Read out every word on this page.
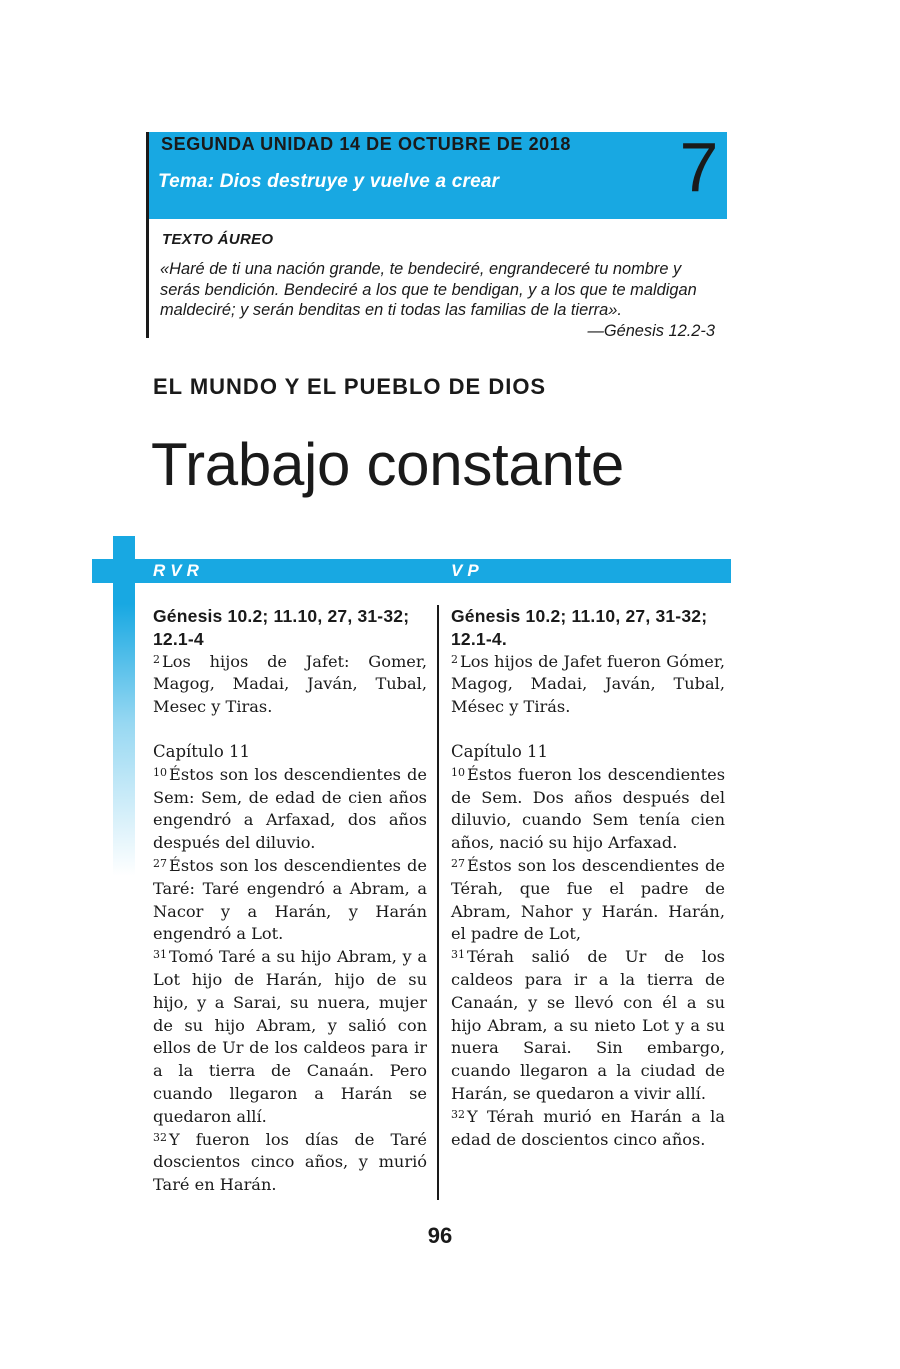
SEGUNDA UNIDAD 14 DE OCTUBRE DE 2018
Tema: Dios destruye y vuelve a crear	7
TEXTO ÁUREO
«Haré de ti una nación grande, te bendeciré, engrandeceré tu nombre y serás bendición. Bendeciré a los que te bendigan, y a los que te maldigan maldeciré; y serán benditas en ti todas las familias de la tierra».
—Génesis 12.2-3
EL MUNDO Y EL PUEBLO DE DIOS
Trabajo constante
RVR	VP
Génesis 10.2; 11.10, 27, 31-32; 12.1-4
$^2$ Los hijos de Jafet: Gomer, Magog, Madai, Javán, Tubal, Mesec y Tiras.
Capítulo 11
$^{10}$ Éstos son los descendientes de Sem: Sem, de edad de cien años engendró a Arfaxad, dos años después del diluvio.
$^{27}$ Éstos son los descendientes de Taré: Taré engendró a Abram, a Nacor y a Harán, y Harán engendró a Lot.
$^{31}$ Tomó Taré a su hijo Abram, y a Lot hijo de Harán, hijo de su hijo, y a Sarai, su nuera, mujer de su hijo Abram, y salió con ellos de Ur de los caldeos para ir a la tierra de Canaán. Pero cuando llegaron a Harán se quedaron allí.
$^{32}$ Y fueron los días de Taré doscientos cinco años, y murió Taré en Harán.
Génesis 10.2; 11.10, 27, 31-32; 12.1-4.
$^2$ Los hijos de Jafet fueron Gómer, Magog, Madai, Javán, Tubal, Mésec y Tirás.
Capítulo 11
$^{10}$ Éstos fueron los descendientes de Sem. Dos años después del diluvio, cuando Sem tenía cien años, nació su hijo Arfaxad.
$^{27}$ Éstos son los descendientes de Térah, que fue el padre de Abram, Nahor y Harán. Harán, el padre de Lot,
$^{31}$ Térah salió de Ur de los caldeos para ir a la tierra de Canaán, y se llevó con él a su hijo Abram, a su nieto Lot y a su nuera Sarai. Sin embargo, cuando llegaron a la ciudad de Harán, se quedaron a vivir allí.
$^{32}$ Y Térah murió en Harán a la edad de doscientos cinco años.
96
